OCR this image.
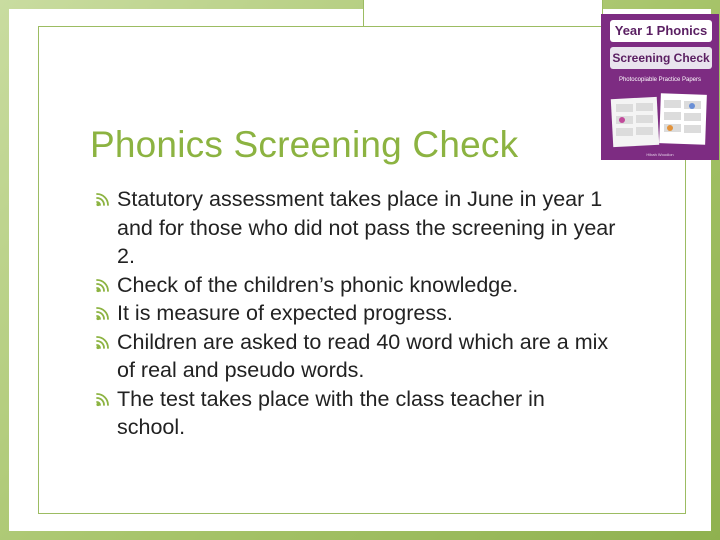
Phonics Screening Check
Statutory assessment takes place in June in year 1 and for those who did not pass the screening in year 2.
Check of the children’s phonic knowledge.
It is measure of expected progress.
Children are asked to read 40 word which are a mix of real and pseudo words.
The test takes place with the class teacher in school.
Year 1 Phonics
Screening Check
Photocopiable Practice Papers
Hibah Woodion
